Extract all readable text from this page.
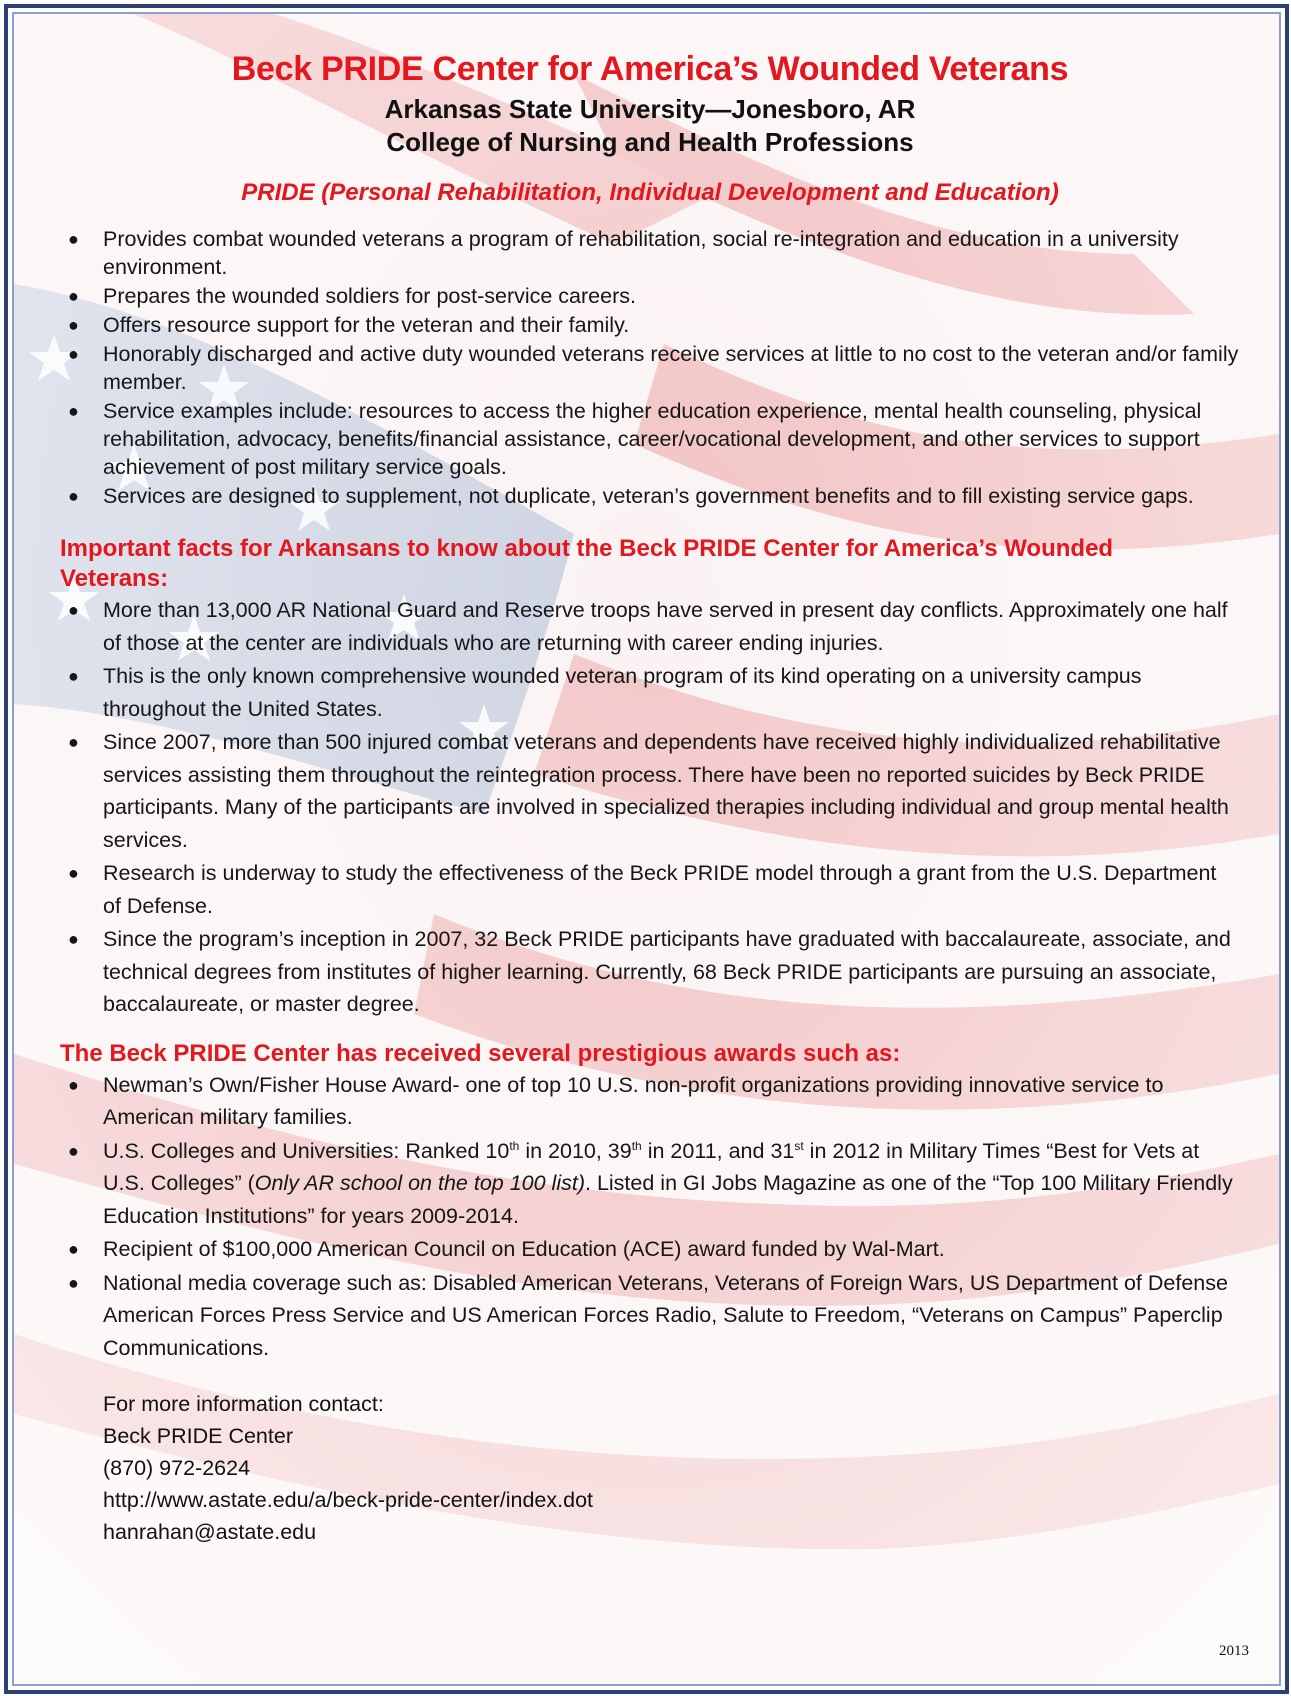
Beck PRIDE Center for America’s Wounded Veterans
Arkansas State University—Jonesboro, AR
College of Nursing and Health Professions
PRIDE (Personal Rehabilitation, Individual Development and Education)
● Provides combat wounded veterans a program of rehabilitation, social re-integration and education in a university environment.
● Prepares the wounded soldiers for post-service careers.
● Offers resource support for the veteran and their family.
● Honorably discharged and active duty wounded veterans receive services at little to no cost to the veteran and/or family member.
● Service examples include: resources to access the higher education experience, mental health counseling, physical rehabilitation, advocacy, benefits/financial assistance, career/vocational development, and other services to support achievement of post military service goals.
● Services are designed to supplement, not duplicate, veteran’s government benefits and to fill existing service gaps.
Important facts for Arkansans to know about the Beck PRIDE Center for America’s Wounded Veterans:
● More than 13,000 AR National Guard and Reserve troops have served in present day conflicts. Approximately one half of those at the center are individuals who are returning with career ending injuries.
● This is the only known comprehensive wounded veteran program of its kind operating on a university campus throughout the United States.
● Since 2007, more than 500 injured combat veterans and dependents have received highly individualized rehabilitative services assisting them throughout the reintegration process. There have been no reported suicides by Beck PRIDE participants. Many of the participants are involved in specialized therapies including individual and group mental health services.
● Research is underway to study the effectiveness of the Beck PRIDE model through a grant from the U.S. Department of Defense.
● Since the program’s inception in 2007, 32 Beck PRIDE participants have graduated with baccalaureate, associate, and technical degrees from institutes of higher learning. Currently, 68 Beck PRIDE participants are pursuing an associate, baccalaureate, or master degree.
The Beck PRIDE Center has received several prestigious awards such as:
● Newman’s Own/Fisher House Award- one of top 10 U.S. non-profit organizations providing innovative service to American military families.
● U.S. Colleges and Universities: Ranked 10th in 2010, 39th in 2011, and 31st in 2012 in Military Times “Best for Vets at U.S. Colleges” (Only AR school on the top 100 list). Listed in GI Jobs Magazine as one of the “Top 100 Military Friendly Education Institutions” for years 2009-2014.
● Recipient of $100,000 American Council on Education (ACE) award funded by Wal-Mart.
● National media coverage such as: Disabled American Veterans, Veterans of Foreign Wars, US Department of Defense American Forces Press Service and US American Forces Radio, Salute to Freedom, “Veterans on Campus” Paperclip Communications.
For more information contact:
Beck PRIDE Center
(870) 972-2624
http://www.astate.edu/a/beck-pride-center/index.dot
hanrahan@astate.edu
2013
